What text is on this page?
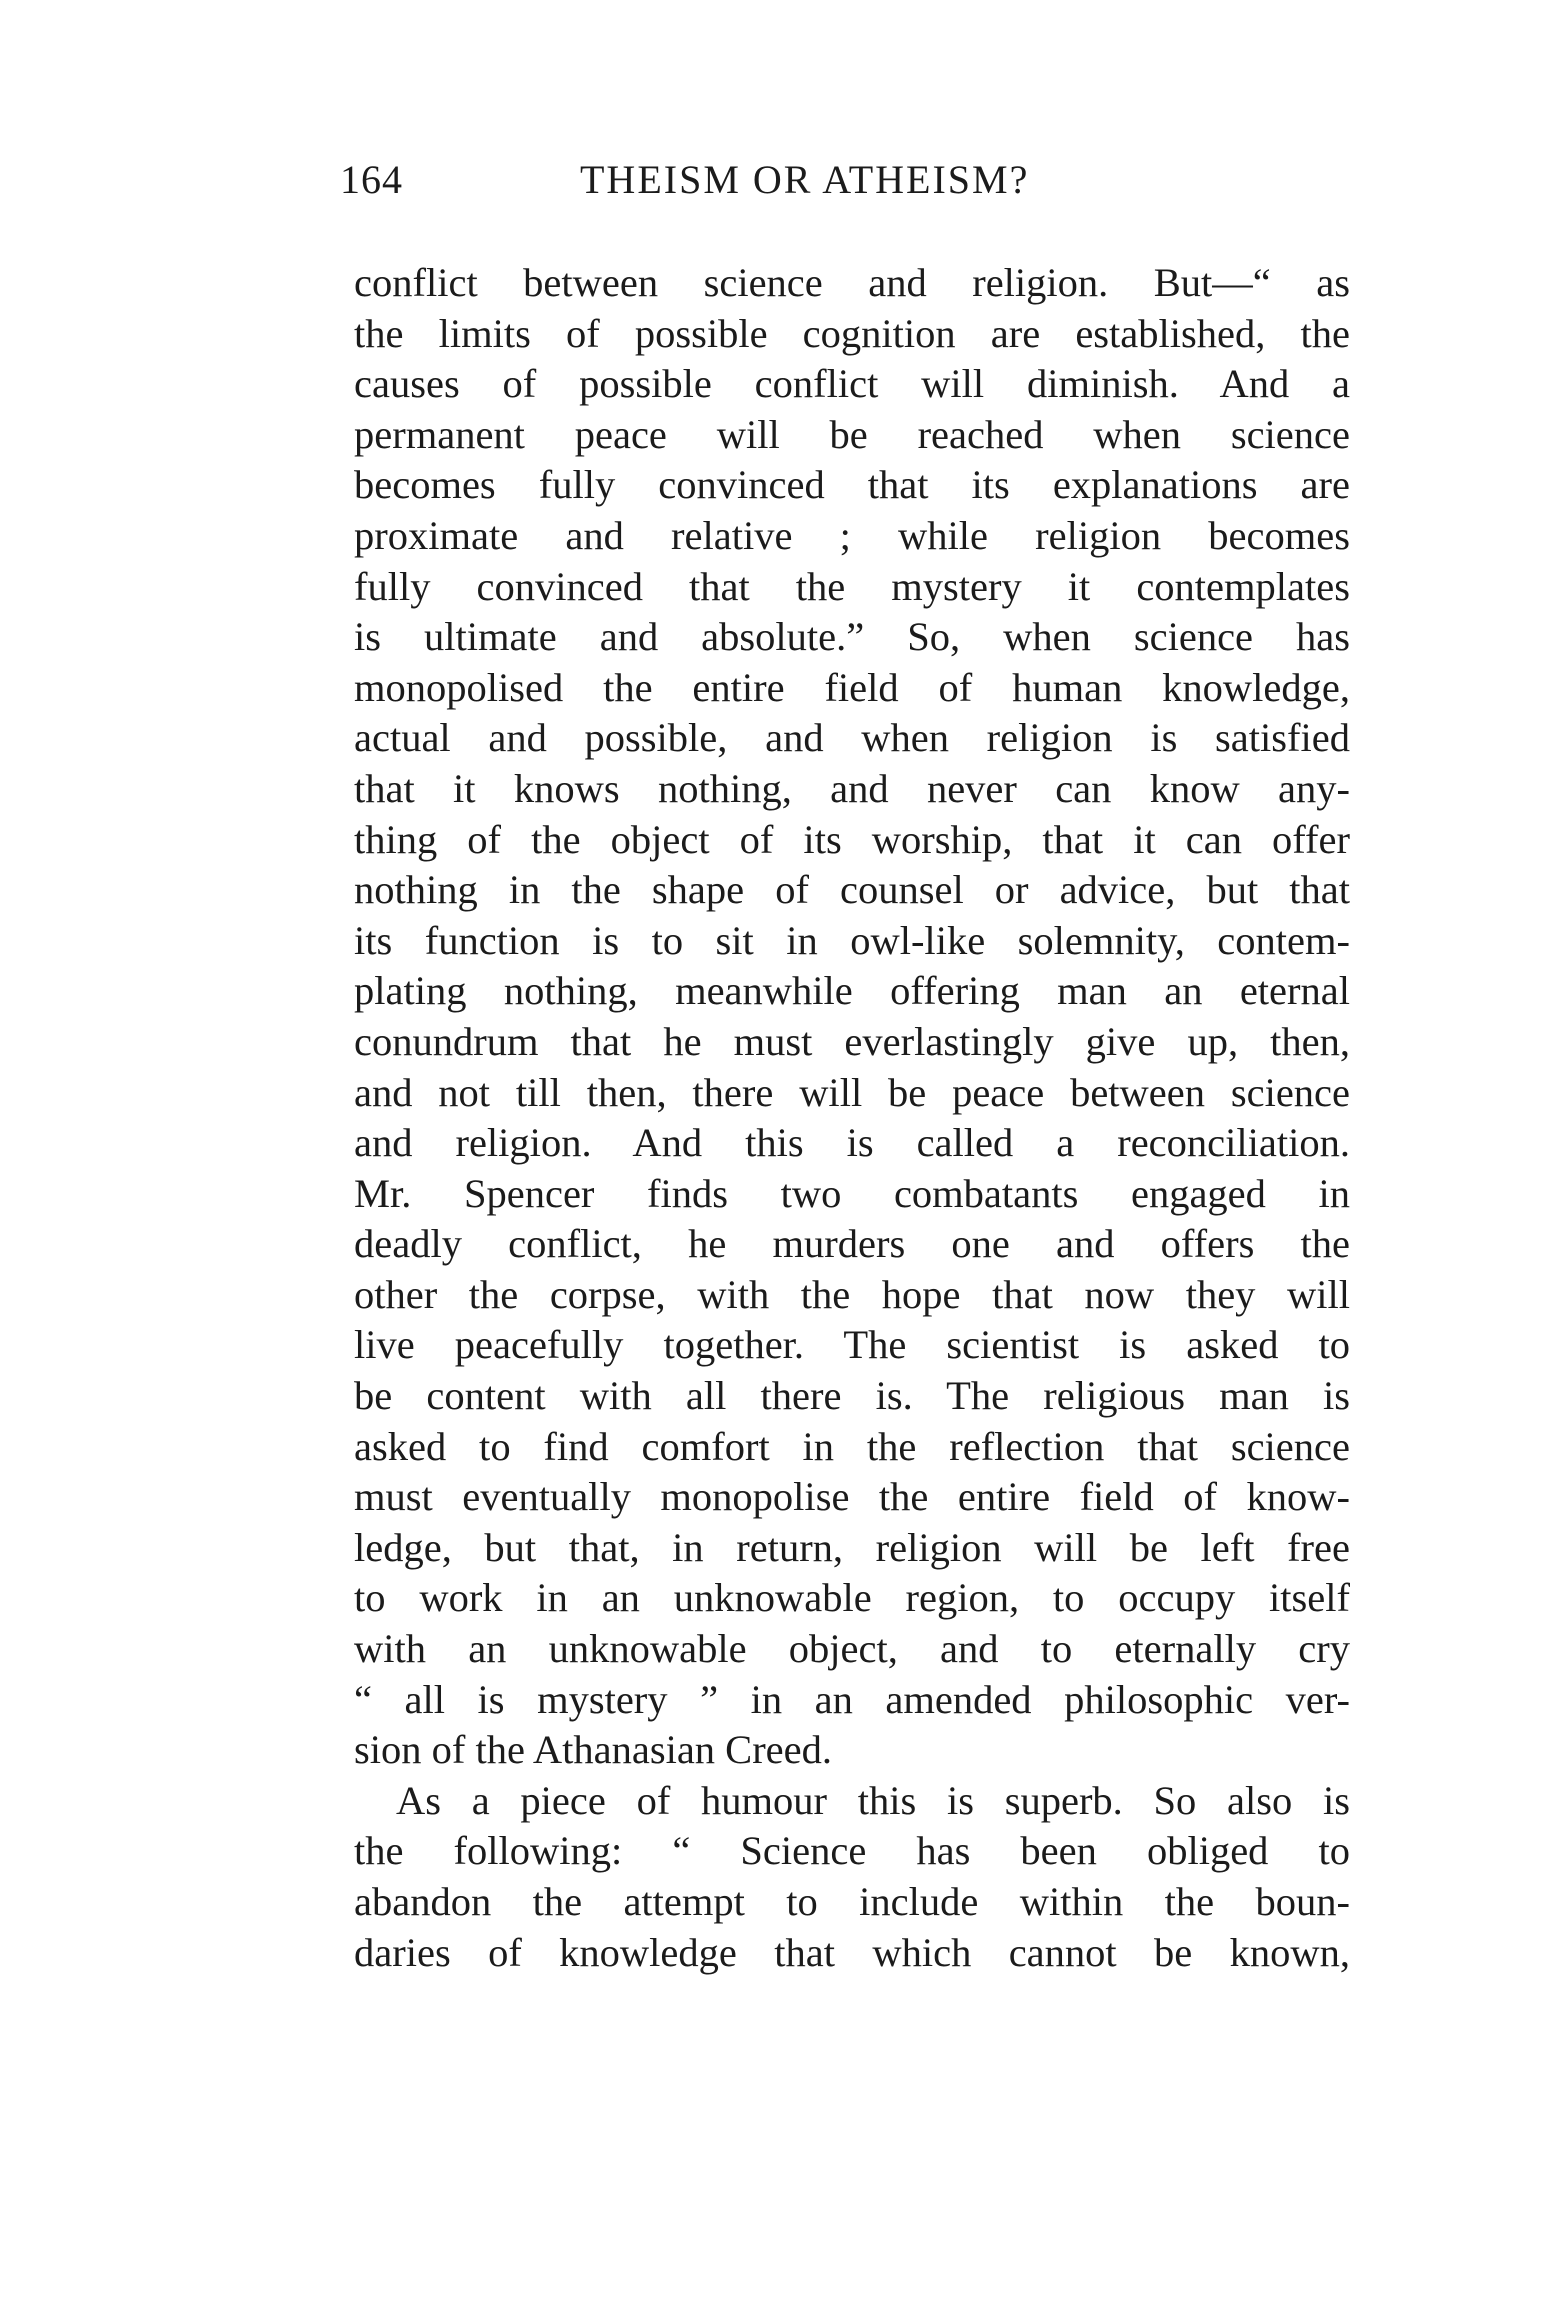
164	THEISM OR ATHEISM?
conflict between science and religion. But—“ as
the limits of possible cognition are established, the
causes of possible conflict will diminish. And a
permanent peace will be reached when science
becomes fully convinced that its explanations are
proximate and relative ; while religion becomes
fully convinced that the mystery it contemplates
is ultimate and absolute.” So, when science has
monopolised the entire field of human knowledge,
actual and possible, and when religion is satisfied
that it knows nothing, and never can know any-
thing of the object of its worship, that it can offer
nothing in the shape of counsel or advice, but that
its function is to sit in owl-like solemnity, contem-
plating nothing, meanwhile offering man an eternal
conundrum that he must everlastingly give up, then,
and not till then, there will be peace between science
and religion. And this is called a reconciliation.
Mr. Spencer finds two combatants engaged in
deadly conflict, he murders one and offers the
other the corpse, with the hope that now they will
live peacefully together. The scientist is asked to
be content with all there is. The religious man is
asked to find comfort in the reflection that science
must eventually monopolise the entire field of know-
ledge, but that, in return, religion will be left free
to work in an unknowable region, to occupy itself
with an unknowable object, and to eternally cry
“ all is mystery ” in an amended philosophic ver-
sion of the Athanasian Creed.
As a piece of humour this is superb. So also is
the following: “ Science has been obliged to
abandon the attempt to include within the boun-
daries of knowledge that which cannot be known,
